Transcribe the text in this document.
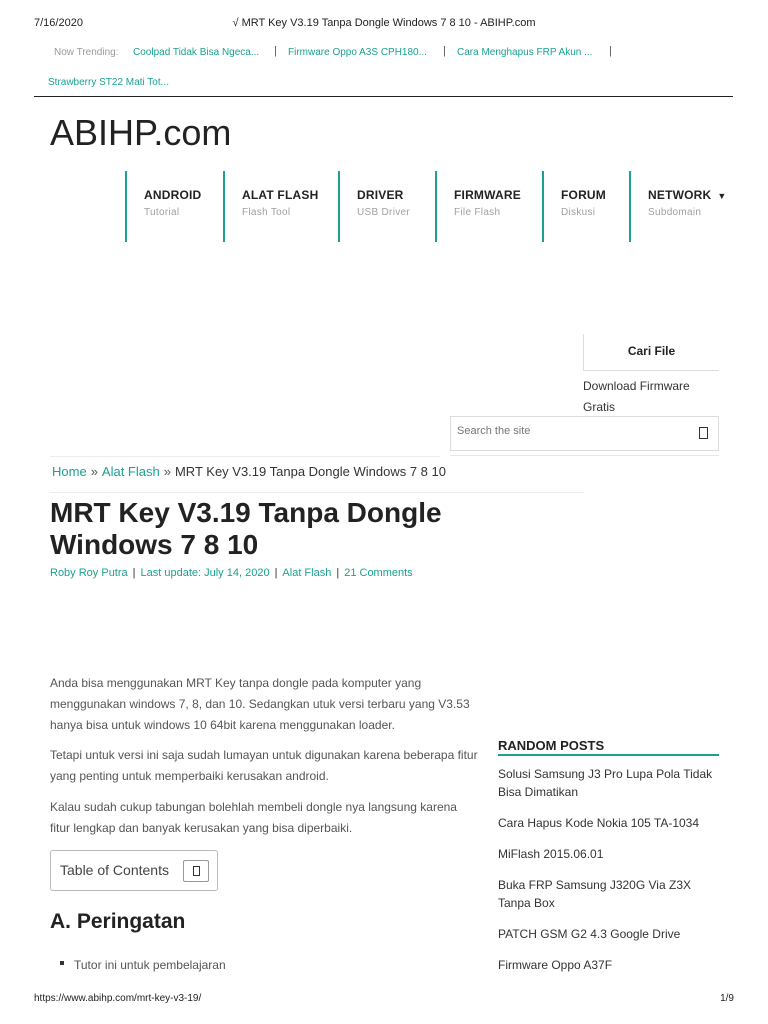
7/16/2020	√ MRT Key V3.19 Tanpa Dongle Windows 7 8 10 - ABIHP.com
Now Trending: Coolpad Tidak Bisa Ngeca... | Firmware Oppo A3S CPH180... | Cara Menghapus FRP Akun ... |
Strawberry ST22 Mati Tot...
ABIHP.com
ANDROID
Tutorial
ALAT FLASH
Flash Tool
DRIVER
USB Driver
FIRMWARE
File Flash
FORUM
Diskusi
NETWORK ▼
Subdomain
Cari File
Download Firmware Gratis
Search the site
Home » Alat Flash » MRT Key V3.19 Tanpa Dongle Windows 7 8 10
MRT Key V3.19 Tanpa Dongle Windows 7 8 10
Roby Roy Putra | Last update: July 14, 2020 | Alat Flash | 21 Comments

Anda bisa menggunakan MRT Key tanpa dongle pada komputer yang menggunakan windows 7, 8, dan 10. Sedangkan utuk versi terbaru yang V3.53 hanya bisa untuk windows 10 64bit karena menggunakan loader.

Tetapi untuk versi ini saja sudah lumayan untuk digunakan karena beberapa fitur yang penting untuk memperbaiki kerusakan android.

Kalau sudah cukup tabungan bolehlah membeli dongle nya langsung karena fitur lengkap dan banyak kerusakan yang bisa diperbaiki.

Table of Contents
A. Peringatan
Tutor ini untuk pembelajaran
RANDOM POSTS
Solusi Samsung J3 Pro Lupa Pola Tidak Bisa Dimatikan
Cara Hapus Kode Nokia 105 TA-1034
MiFlash 2015.06.01
Buka FRP Samsung J320G Via Z3X Tanpa Box
PATCH GSM G2 4.3 Google Drive
Firmware Oppo A37F
https://www.abihp.com/mrt-key-v3-19/	1/9
